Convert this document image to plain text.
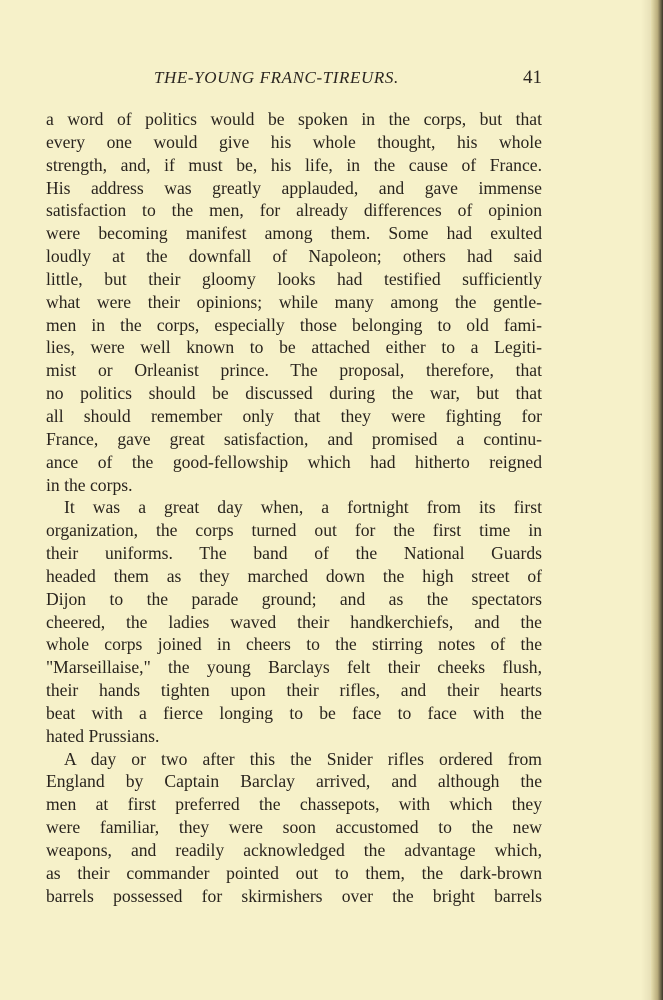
THE-YOUNG FRANC-TIREURS.	41
a word of politics would be spoken in the corps, but that
every one would give his whole thought, his whole
strength, and, if must be, his life, in the cause of France.
His address was greatly applauded, and gave immense
satisfaction to the men, for already differences of opinion
were becoming manifest among them. Some had exulted
loudly at the downfall of Napoleon; others had said
little, but their gloomy looks had testified sufficiently
what were their opinions; while many among the gentle-
men in the corps, especially those belonging to old fami-
lies, were well known to be attached either to a Legiti-
mist or Orleanist prince. The proposal, therefore, that
no politics should be discussed during the war, but that
all should remember only that they were fighting for
France, gave great satisfaction, and promised a continu-
ance of the good-fellowship which had hitherto reigned
in the corps.
It was a great day when, a fortnight from its first
organization, the corps turned out for the first time in
their uniforms. The band of the National Guards
headed them as they marched down the high street of
Dijon to the parade ground; and as the spectators
cheered, the ladies waved their handkerchiefs, and the
whole corps joined in cheers to the stirring notes of the
"Marseillaise," the young Barclays felt their cheeks flush,
their hands tighten upon their rifles, and their hearts
beat with a fierce longing to be face to face with the
hated Prussians.
A day or two after this the Snider rifles ordered from
England by Captain Barclay arrived, and although the
men at first preferred the chassepots, with which they
were familiar, they were soon accustomed to the new
weapons, and readily acknowledged the advantage which,
as their commander pointed out to them, the dark-brown
barrels possessed for skirmishers over the bright barrels
